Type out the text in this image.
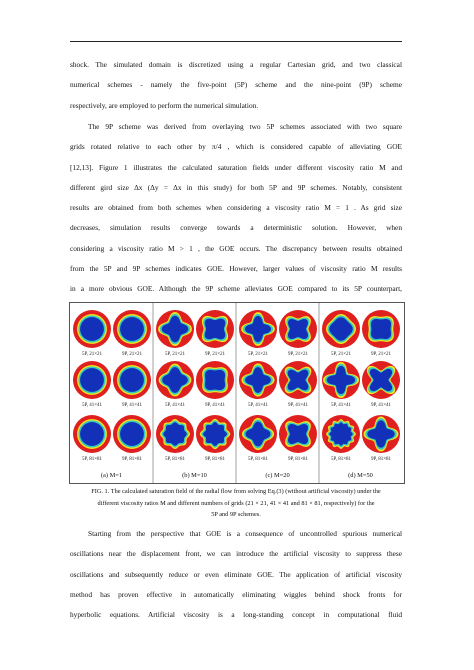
shock. The simulated domain is discretized using a regular Cartesian grid, and two classical
numerical schemes - namely the five-point (5P) scheme and the nine-point (9P) scheme
respectively, are employed to perform the numerical simulation.
The 9P scheme was derived from overlaying two 5P schemes associated with two square
grids rotated relative to each other by π/4 , which is considered capable of alleviating GOE
[12,13]. Figure 1 illustrates the calculated saturation fields under different viscosity ratio M and
different gird size Δx (Δy = Δx in this study) for both 5P and 9P schemes. Notably, consistent
results are obtained from both schemes when considering a viscosity ratio M = 1 . As grid size
decreases, simulation results converge towards a deterministic solution. However, when
considering a viscosity ratio M > 1 , the GOE occurs. The discrepancy between results obtained
from the 5P and 9P schemes indicates GOE. However, larger values of viscosity ratio M results
in a more obvious GOE. Although the 9P scheme alleviates GOE compared to its 5P counterpart,
5P, 21×21	9P, 21×21
5P, 41×41	9P, 41×41
5P, 81×81	9P, 81×81
(a) M=1
5P, 21×21	9P, 21×21
5P, 41×41	9P, 41×41
5P, 81×81	9P, 81×81
(b) M=10
5P, 21×21	9P, 21×21
5P, 41×41	9P, 41×41
5P, 81×81	9P, 81×81
(c) M=20
5P, 21×21	9P, 21×21
5P, 41×41	9P, 41×41
5P, 81×81	9P, 81×81
(d) M=50
FIG. 1. The calculated saturation field of the radial flow from solving Eq.(3) (without artificial viscosity) under the
different viscosity ratios M and different numbers of grids (21 × 21, 41 × 41 and 81 × 81, respectively) for the
5P and 9P schemes.
Starting from the perspective that GOE is a consequence of uncontrolled spurious numerical
oscillations near the displacement front, we can introduce the artificial viscosity to suppress these
oscillations and subsequently reduce or even eliminate GOE. The application of artificial viscosity
method has proven effective in automatically eliminating wiggles behind shock fronts for
hyperbolic equations. Artificial viscosity is a long-standing concept in computational fluid
